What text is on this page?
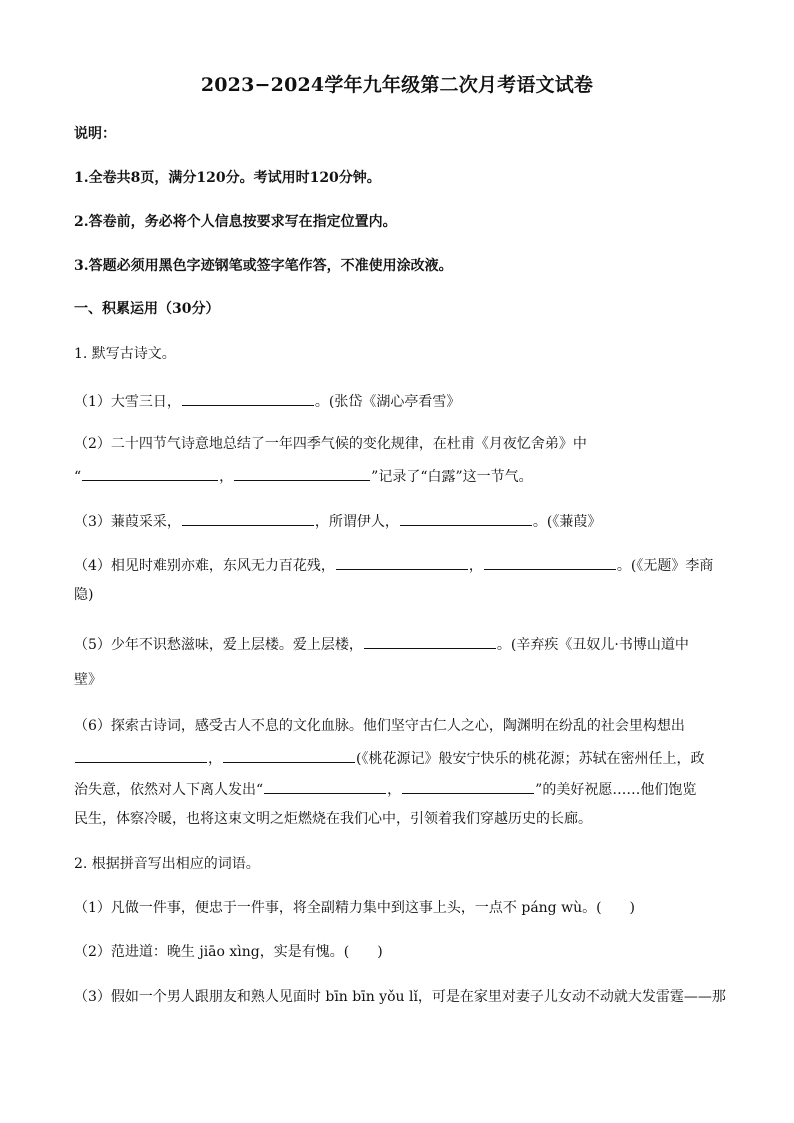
2023−2024学年九年级第二次月考语文试卷
说明：
1.全卷共8页，满分120分。考试用时120分钟。
2.答卷前，务必将个人信息按要求写在指定位置内。
3.答题必须用黑色字迹钢笔或签字笔作答，不准使用涂改液。
一、积累运用（30分）
1. 默写古诗文。
（1）大雪三日，	。(张岱《湖心亭看雪》
（2）二十四节气诗意地总结了一年四季气候的变化规律，在杜甫《月夜忆舍弟》中
“	，	”记录了“白露”这一节气。
（3）蒹葭采采，	，所谓伊人，	。(《蒹葭》
（4）相见时难别亦难，东风无力百花残，	，	。(《无题》李商
隐)
（5）少年不识愁滋味，爱上层楼。爱上层楼，	。(辛弃疾《丑奴儿·书博山道中
壁》
（6）探索古诗词，感受古人不息的文化血脉。他们坚守古仁人之心，陶渊明在纷乱的社会里构想出
，	(《桃花源记》般安宁快乐的桃花源；苏轼在密州任上，政
治失意，依然对人下离人发出“	，	”的美好祝愿……他们饱览
民生，体察冷暖，也将这束文明之炬燃烧在我们心中，引领着我们穿越历史的长廊。
2. 根据拼音写出相应的词语。
（1）凡做一件事，便忠于一件事，将全副精力集中到这事上头，一点不 páng wù。(　　)
（2）范进道：晚生 jiāo xìng，实是有愧。(　　)
（3）假如一个男人跟朋友和熟人见面时 bīn bīn yǒu lǐ，可是在家里对妻子儿女动不动就大发雷霆——那
